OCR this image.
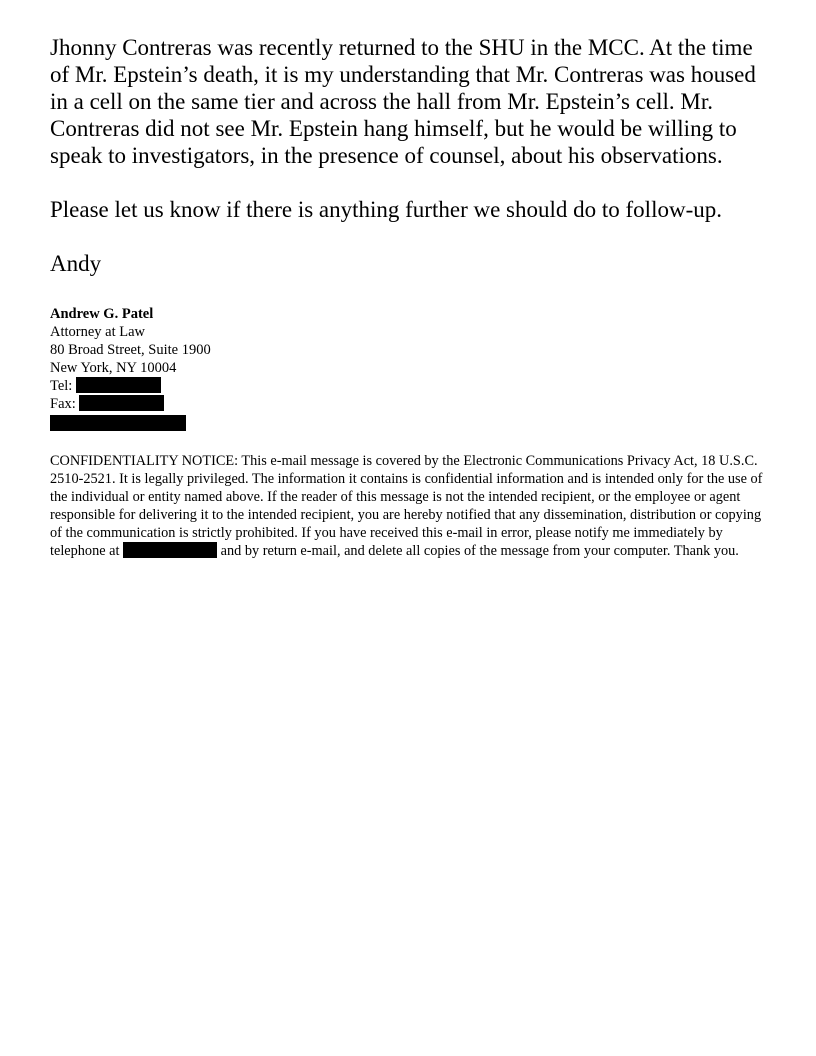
Jhonny Contreras was recently returned to the SHU in the MCC. At the time of Mr. Epstein’s death, it is my understanding that Mr. Contreras was housed in a cell on the same tier and across the hall from Mr. Epstein’s cell. Mr. Contreras did not see Mr. Epstein hang himself, but he would be willing to speak to investigators, in the presence of counsel, about his observations.

Please let us know if there is anything further we should do to follow-up.

Andy

Andrew G. Patel
Attorney at Law
80 Broad Street, Suite 1900
New York, NY 10004
Tel:
Fax:
CONFIDENTIALITY NOTICE: This e-mail message is covered by the Electronic Communications Privacy Act, 18 U.S.C. 2510-2521. It is legally privileged. The information it contains is confidential information and is intended only for the use of the individual or entity named above. If the reader of this message is not the intended recipient, or the employee or agent responsible for delivering it to the intended recipient, you are hereby notified that any dissemination, distribution or copying of the communication is strictly prohibited. If you have received this e-mail in error, please notify me immediately by telephone at	and by return e-mail, and delete all copies of the message from your computer. Thank you.
